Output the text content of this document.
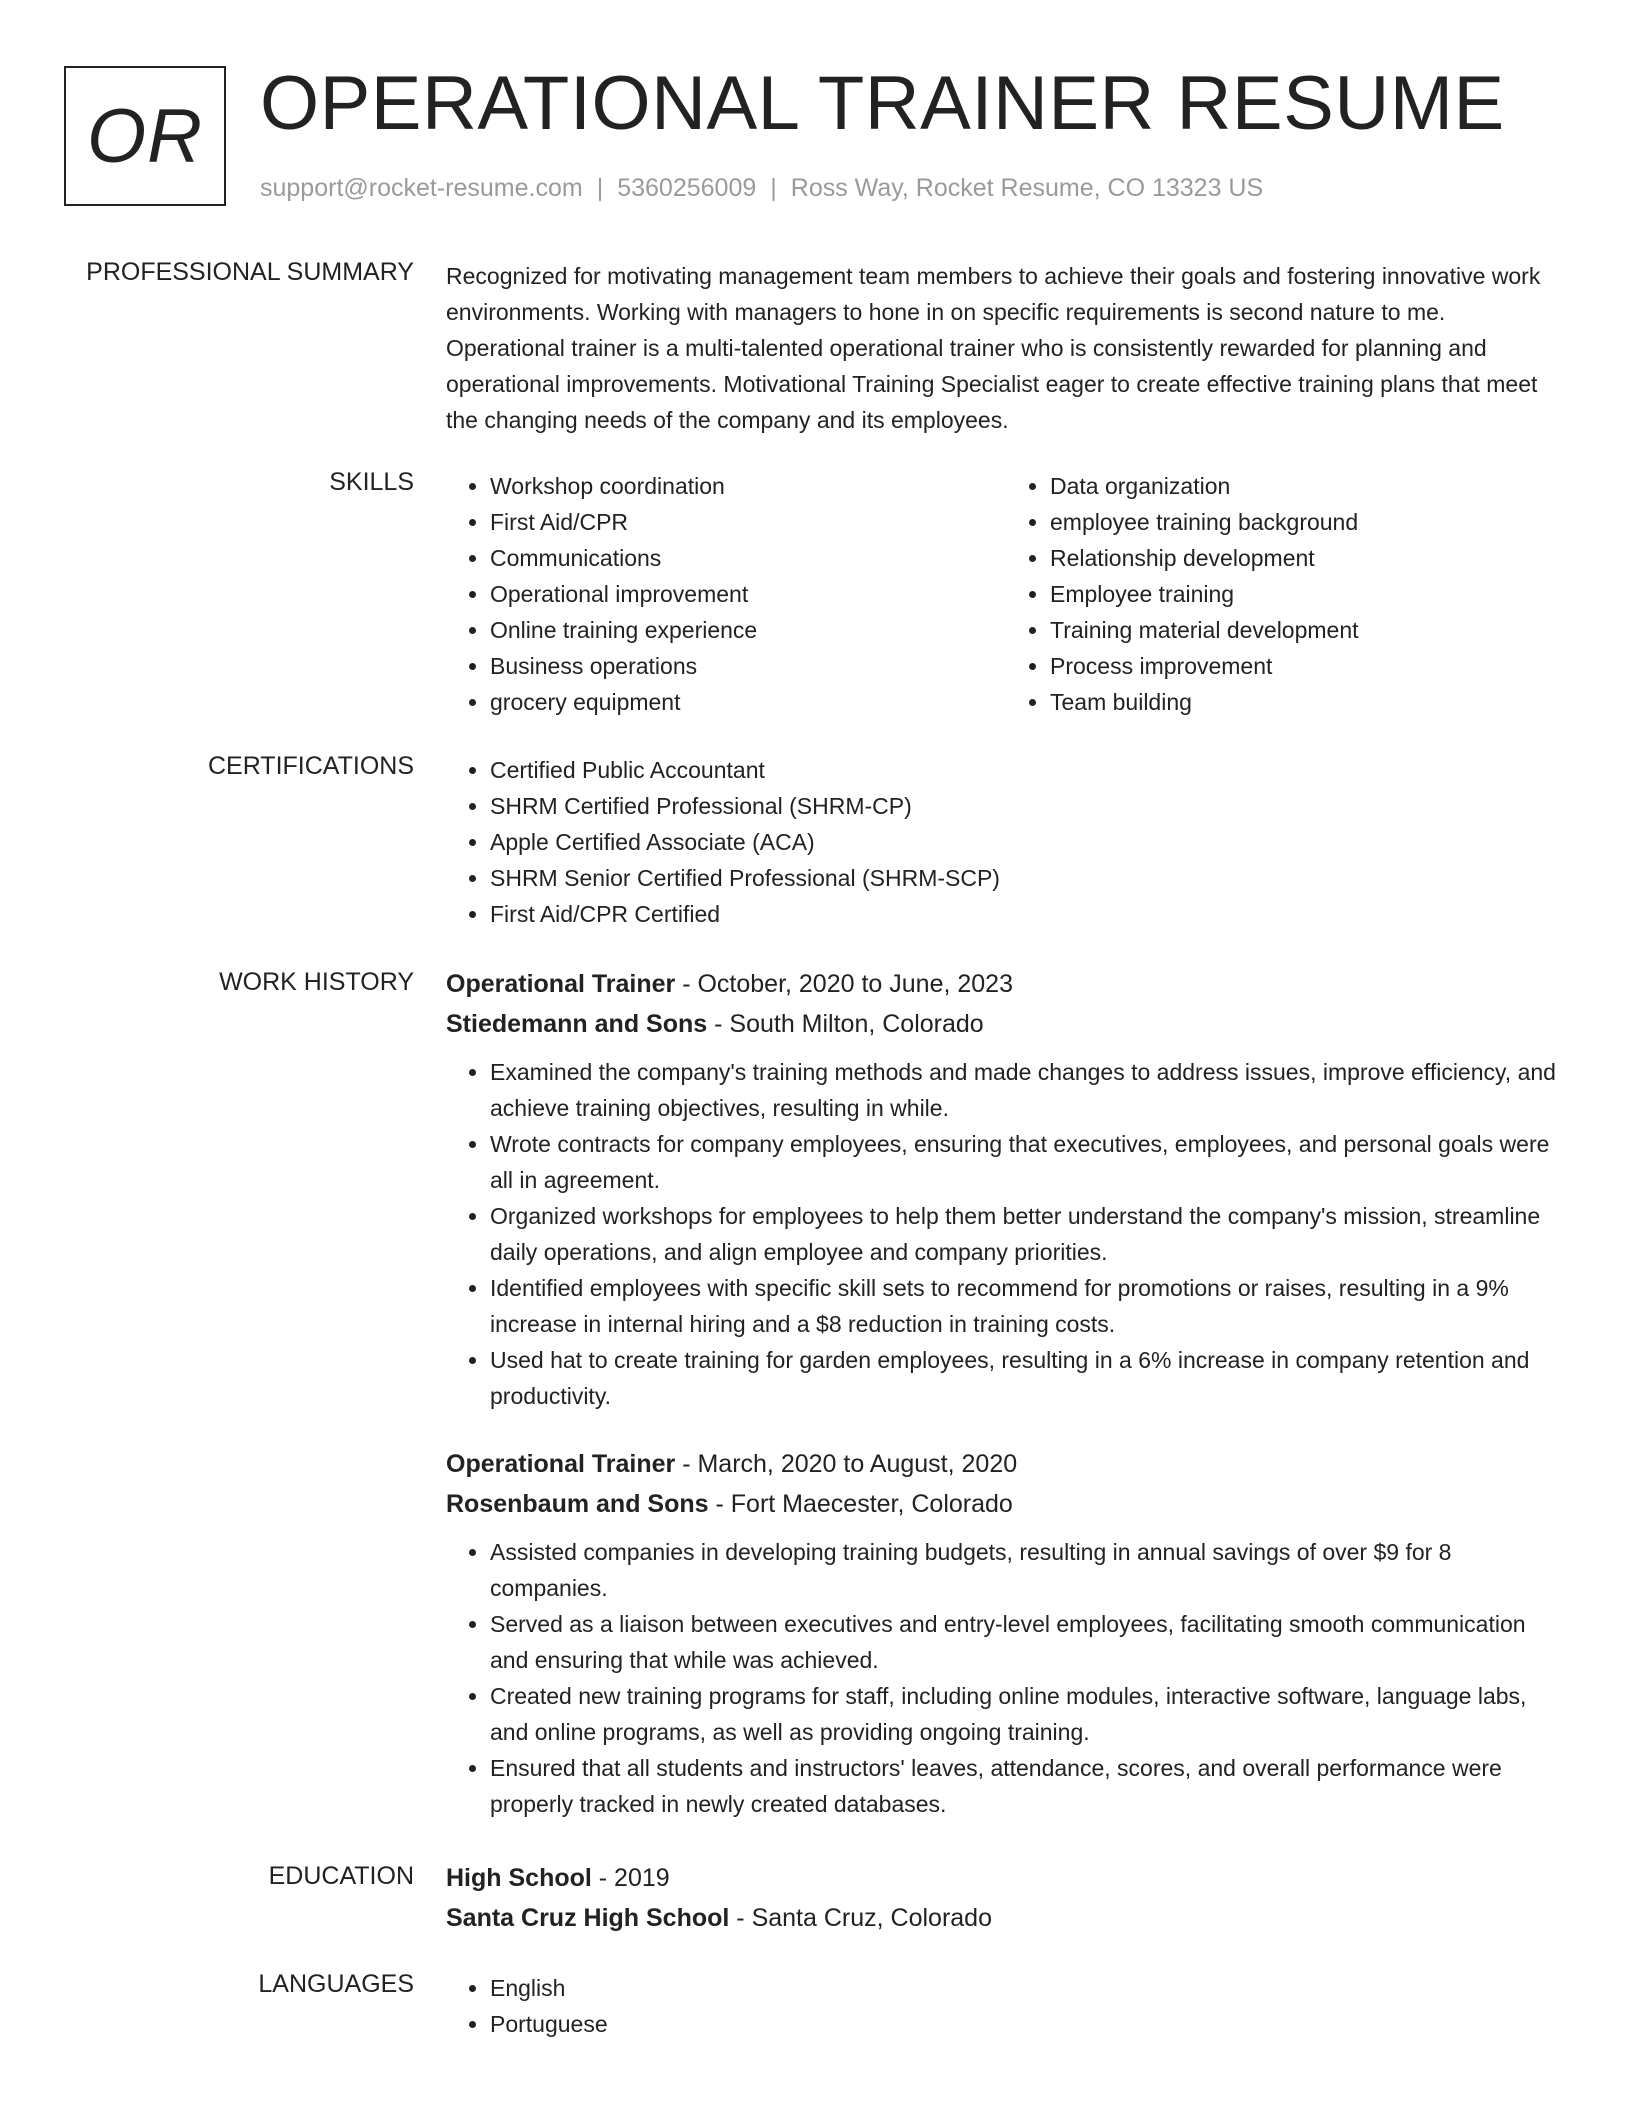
OR OPERATIONAL TRAINER RESUME
support@rocket-resume.com | 5360256009 | Ross Way, Rocket Resume, CO 13323 US
PROFESSIONAL SUMMARY Recognized for motivating management team members to achieve their goals and fostering innovative work environments. Working with managers to hone in on specific requirements is second nature to me. Operational trainer is a multi-talented operational trainer who is consistently rewarded for planning and operational improvements. Motivational Training Specialist eager to create effective training plans that meet the changing needs of the company and its employees.

SKILLS	• Workshop coordination
• First Aid/CPR
• Communications
• Operational improvement
• Online training experience
• Business operations
• grocery equipment
• Data organization
• employee training background
• Relationship development
• Employee training
• Training material development
• Process improvement
• Team building
CERTIFICATIONS	• Certified Public Accountant
• SHRM Certified Professional (SHRM-CP)
• Apple Certified Associate (ACA)
• SHRM Senior Certified Professional (SHRM-SCP)
• First Aid/CPR Certified
WORK HISTORY Operational Trainer - October, 2020 to June, 2023
Stiedemann and Sons - South Milton, Colorado
• Examined the company's training methods and made changes to address issues, improve efficiency, and achieve training objectives, resulting in while.
• Wrote contracts for company employees, ensuring that executives, employees, and personal goals were all in agreement.
• Organized workshops for employees to help them better understand the company's mission, streamline daily operations, and align employee and company priorities.
• Identified employees with specific skill sets to recommend for promotions or raises, resulting in a 9% increase in internal hiring and a $8 reduction in training costs.
• Used hat to create training for garden employees, resulting in a 6% increase in company retention and productivity.
Operational Trainer - March, 2020 to August, 2020
Rosenbaum and Sons - Fort Maecester, Colorado
• Assisted companies in developing training budgets, resulting in annual savings of over $9 for 8 companies.
• Served as a liaison between executives and entry-level employees, facilitating smooth communication and ensuring that while was achieved.
• Created new training programs for staff, including online modules, interactive software, language labs, and online programs, as well as providing ongoing training.
• Ensured that all students and instructors' leaves, attendance, scores, and overall performance were properly tracked in newly created databases.
EDUCATION High School - 2019
Santa Cruz High School - Santa Cruz, Colorado
LANGUAGES	• English
• Portuguese
